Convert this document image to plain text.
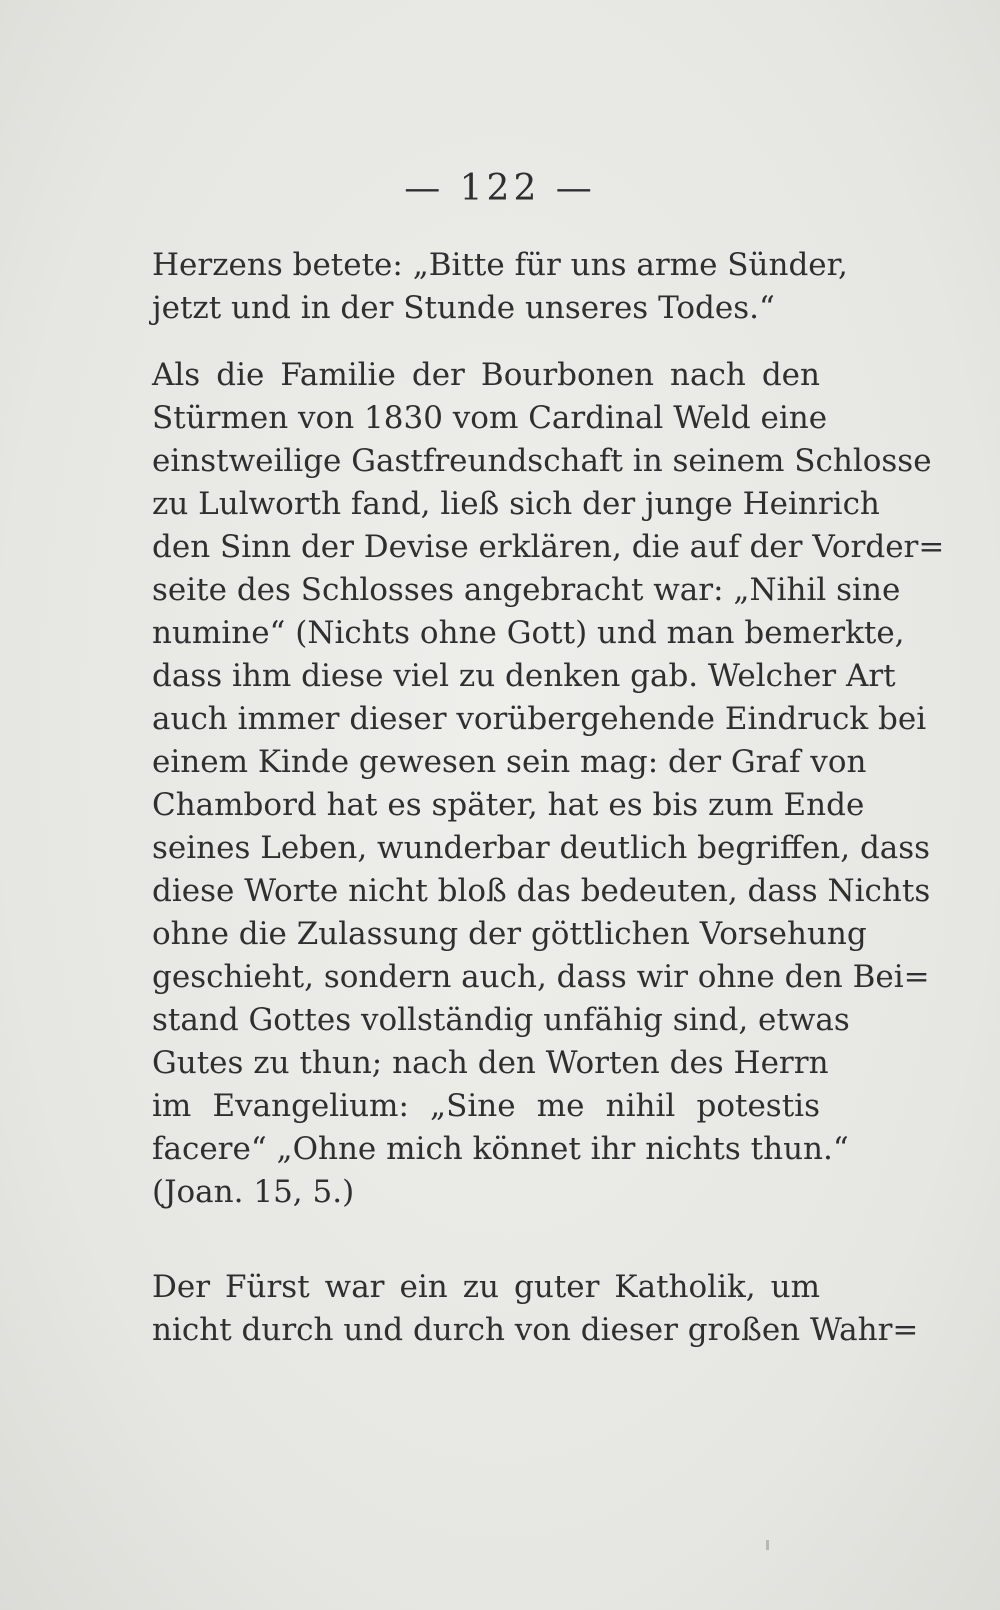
— 122 —
Herzens betete: „Bitte für uns arme Sünder,
jetzt und in der Stunde unseres Todes.“
Als die Familie der Bourbonen nach den
Stürmen von 1830 vom Cardinal Weld eine
einstweilige Gastfreundschaft in seinem Schlosse
zu Lulworth fand, ließ sich der junge Heinrich
den Sinn der Devise erklären, die auf der Vorder=
seite des Schlosses angebracht war: „Nihil sine
numine“ (Nichts ohne Gott) und man bemerkte,
dass ihm diese viel zu denken gab. Welcher Art
auch immer dieser vorübergehende Eindruck bei
einem Kinde gewesen sein mag: der Graf von
Chambord hat es später, hat es bis zum Ende
seines Leben, wunderbar deutlich begriffen, dass
diese Worte nicht bloß das bedeuten, dass Nichts
ohne die Zulassung der göttlichen Vorsehung
geschieht, sondern auch, dass wir ohne den Bei=
stand Gottes vollständig unfähig sind, etwas
Gutes zu thun; nach den Worten des Herrn
im Evangelium: „Sine me nihil potestis
facere“ „Ohne mich könnet ihr nichts thun.“
(Joan. 15, 5.)
Der Fürst war ein zu guter Katholik, um
nicht durch und durch von dieser großen Wahr=
